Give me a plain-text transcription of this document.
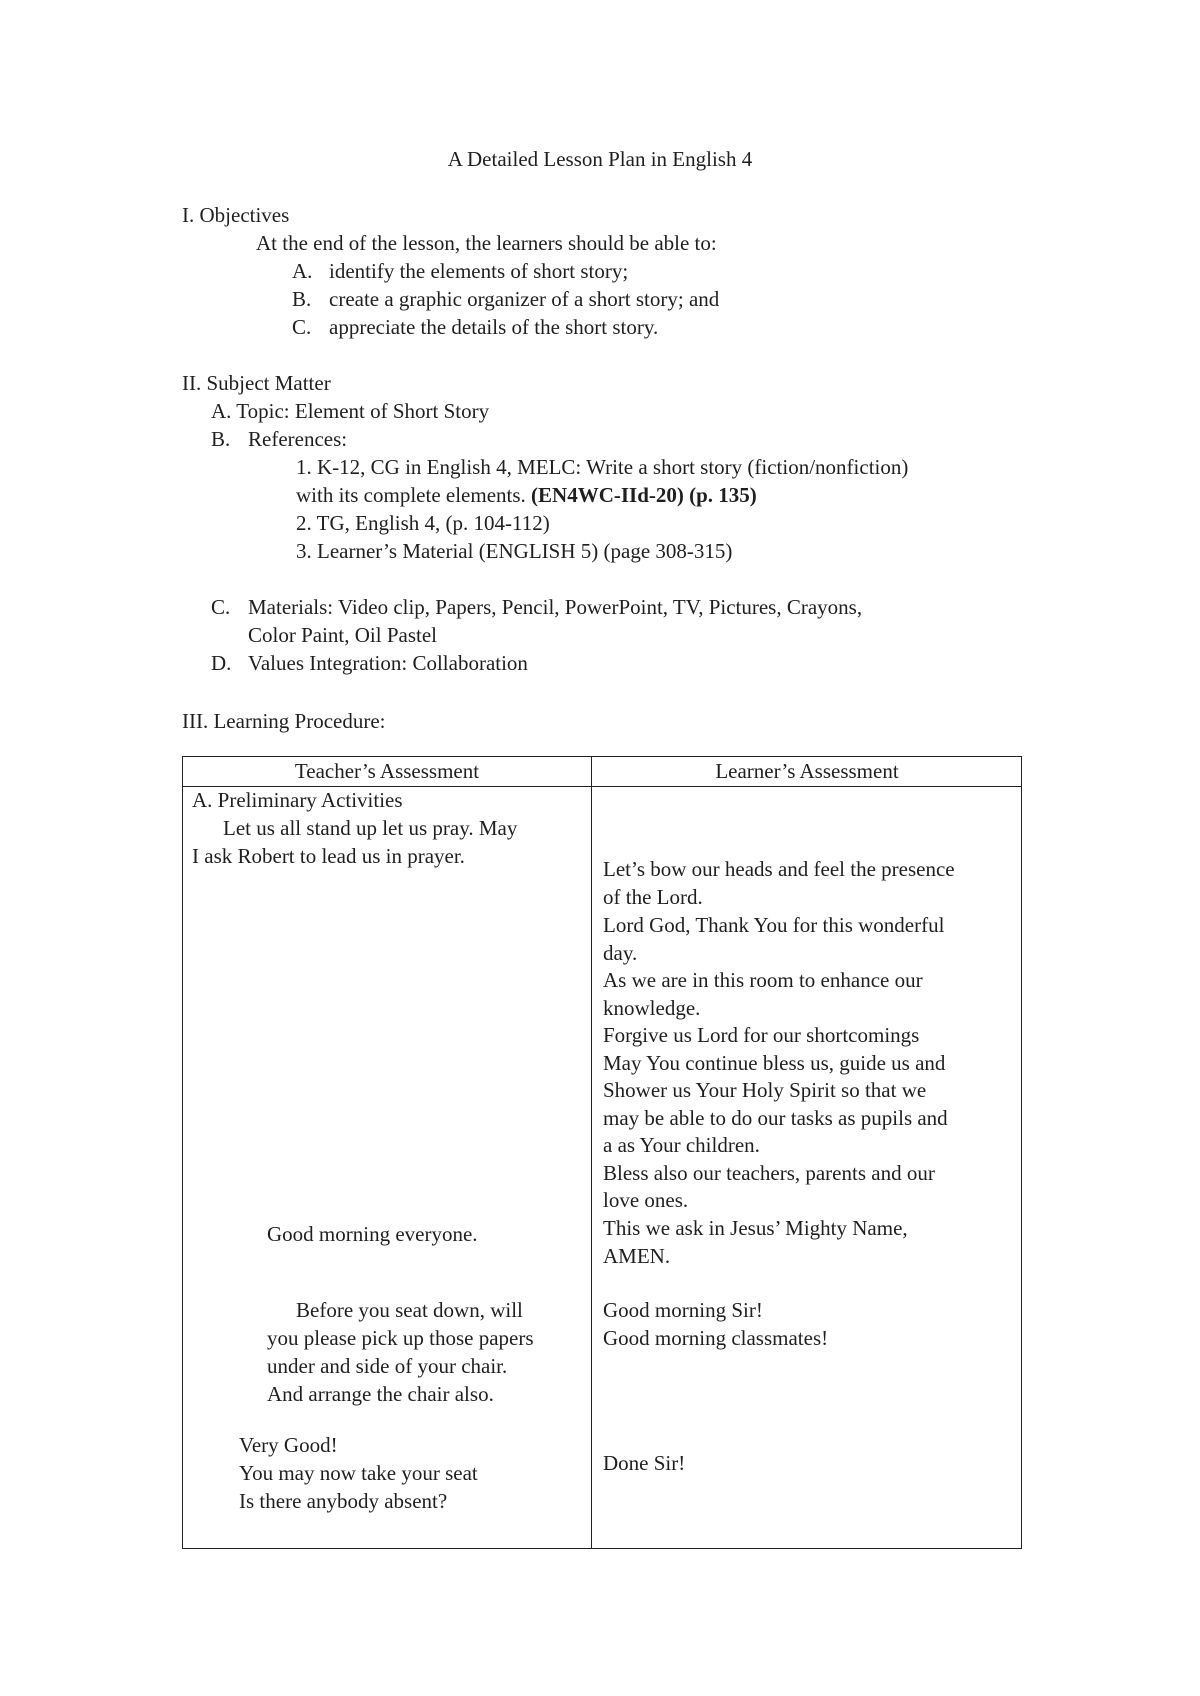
A Detailed Lesson Plan in English 4
I. Objectives
At the end of the lesson, the learners should be able to:
A. identify the elements of short story;
B. create a graphic organizer of a short story; and
C. appreciate the details of the short story.
II. Subject Matter
A. Topic: Element of Short Story
B. References:
1. K-12, CG in English 4, MELC: Write a short story (fiction/nonfiction)
with its complete elements. (EN4WC-IId-20) (p. 135)
2. TG, English 4, (p. 104-112)
3. Learner’s Material (ENGLISH 5) (page 308-315)
C. Materials: Video clip, Papers, Pencil, PowerPoint, TV, Pictures, Crayons,
Color Paint, Oil Pastel
D. Values Integration: Collaboration
III. Learning Procedure:
Teacher’s Assessment	Learner’s Assessment
A. Preliminary Activities
Let us all stand up let us pray. May
I ask Robert to lead us in prayer.
Good morning everyone.
Before you seat down, will
you please pick up those papers
under and side of your chair.
And arrange the chair also.
Very Good!
You may now take your seat
Is there anybody absent?
Let’s bow our heads and feel the presence
of the Lord.
Lord God, Thank You for this wonderful
day.
As we are in this room to enhance our
knowledge.
Forgive us Lord for our shortcomings
May You continue bless us, guide us and
Shower us Your Holy Spirit so that we
may be able to do our tasks as pupils and
a as Your children.
Bless also our teachers, parents and our
love ones.
This we ask in Jesus’ Mighty Name,
AMEN.
Good morning Sir!
Good morning classmates!
Done Sir!
